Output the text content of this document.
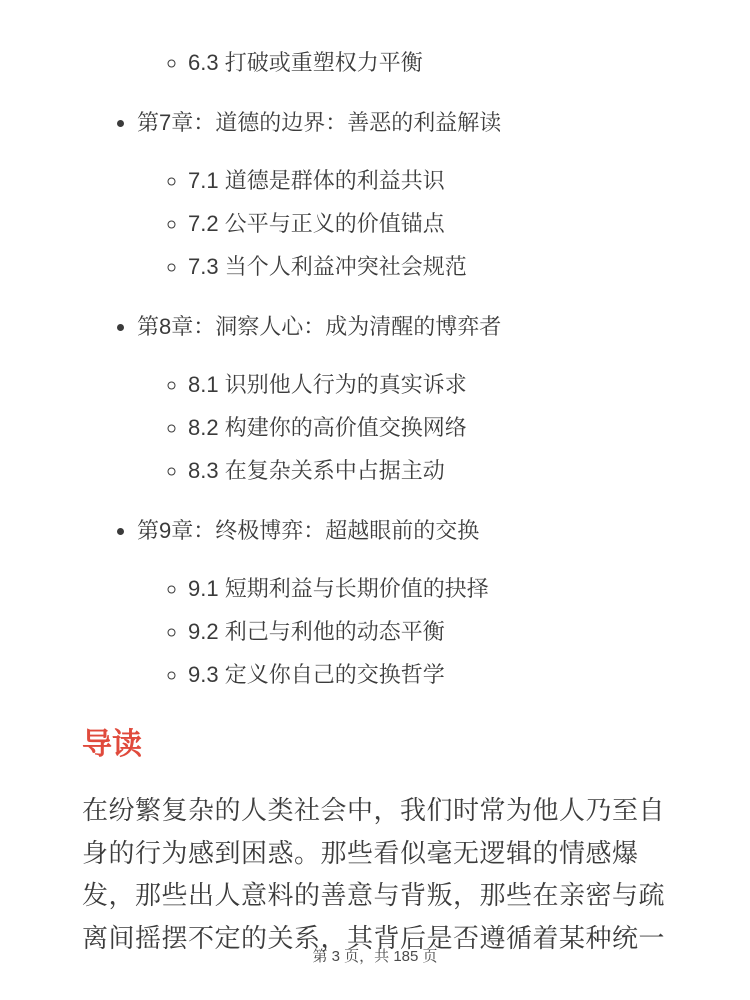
◦ 6.3 打破或重塑权力平衡
• 第7章：道德的边界：善恶的利益解读
◦ 7.1 道德是群体的利益共识
◦ 7.2 公平与正义的价值锚点
◦ 7.3 当个人利益冲突社会规范
• 第8章：洞察人心：成为清醒的博弈者
◦ 8.1 识别他人行为的真实诉求
◦ 8.2 构建你的高价值交换网络
◦ 8.3 在复杂关系中占据主动
• 第9章：终极博弈：超越眼前的交换
◦ 9.1 短期利益与长期价值的抉择
◦ 9.2 利己与利他的动态平衡
◦ 9.3 定义你自己的交换哲学
导读

在纷繁复杂的人类社会中，我们时常为他人乃至自
身的行为感到困惑。那些看似毫无逻辑的情感爆
发，那些出人意料的善意与背叛，那些在亲密与疏
离间摇摆不定的关系，其背后是否遵循着某种统一

第 3 页，共 185 页
